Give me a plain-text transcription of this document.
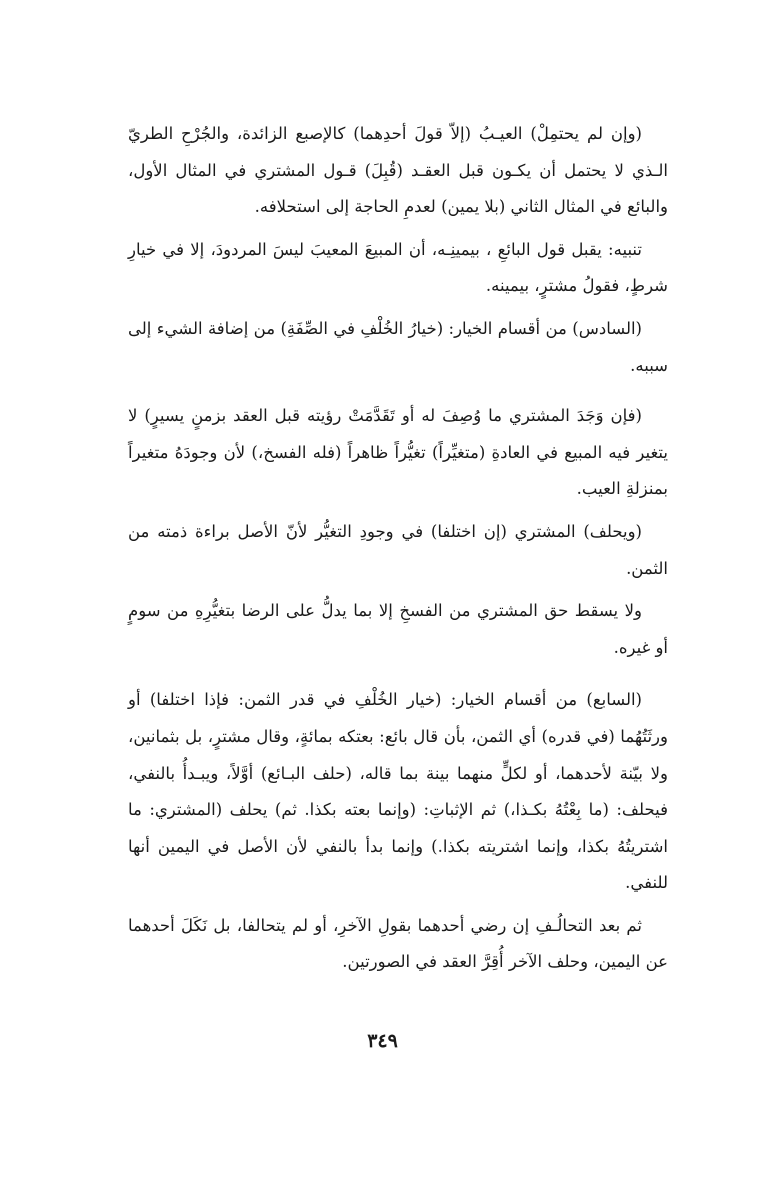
(وإن لم يحتمِلْ) العيـبُ (إلاّ قولَ أحدِهما) كالإصبع الزائدة، والجُرْحِ الطريّ الـذي لا يحتمل أن يكـون قبل العقـد (قُبِلَ) قـول المشتري في المثال الأول، والبائع في المثال الثاني (بلا يمين) لعدمِ الحاجة إلى استحلافه.

تنبيه: يقبل قول البائعِ ، بيمينِـه، أن المبيعَ المعيبَ ليسَ المردودَ، إلا في خيارِ شرطٍ، فقولُ مشترٍ، بيمينه.

(السادس) من أقسام الخيار: (خيارُ الخُلْفِ في الصِّفَةِ) من إضافة الشيء إلى سببه.

(فإن وَجَدَ المشتري ما وُصِفَ له أو تَقَدَّمَتْ رؤيته قبل العقد بزمنٍ يسيرٍ) لا يتغير فيه المبيع في العادةِ (متغيِّراً) تغيُّراً ظاهراً (فله الفسخ،) لأن وجودَهُ متغيراً بمنزلةِ العيب.

(ويحلف) المشتري (إن اختلفا) في وجودِ التغيُّر لأنّ الأصل براءة ذمته من الثمن.

ولا يسقط حق المشتري من الفسخِ إلا بما يدلُّ على الرضا بتغيُّرِهِ من سومٍ أو غيره.

(السابع) من أقسام الخيار: (خيار الخُلْفِ في قدر الثمن: فإذا اختلفا) أو ورثَتُهُما (في قدره) أي الثمن، بأن قال بائع: بعتكه بمائةٍ، وقال مشترٍ، بل بثمانين، ولا بيّنة لأحدهما، أو لكلٍّ منهما بينة بما قاله، (حلف البـائع) أوَّلاً، ويبـدأُ بالنفي، فيحلف: (ما بِعْتُهُ بكـذا،) ثم الإثباتِ: (وإنما بعته بكذا. ثم) يحلف (المشتري: ما اشتريتُهُ بكذا، وإنما اشتريته بكذا.) وإنما بدأ بالنفي لأن الأصل في اليمين أنها للنفي.

ثم بعد التحالُـفِ إن رضي أحدهما بقولِ الآخرِ، أو لم يتحالفا، بل نَكَلَ أحدهما عن اليمين، وحلف الآخر أُقِرَّ العقد في الصورتين.

٣٤٩
